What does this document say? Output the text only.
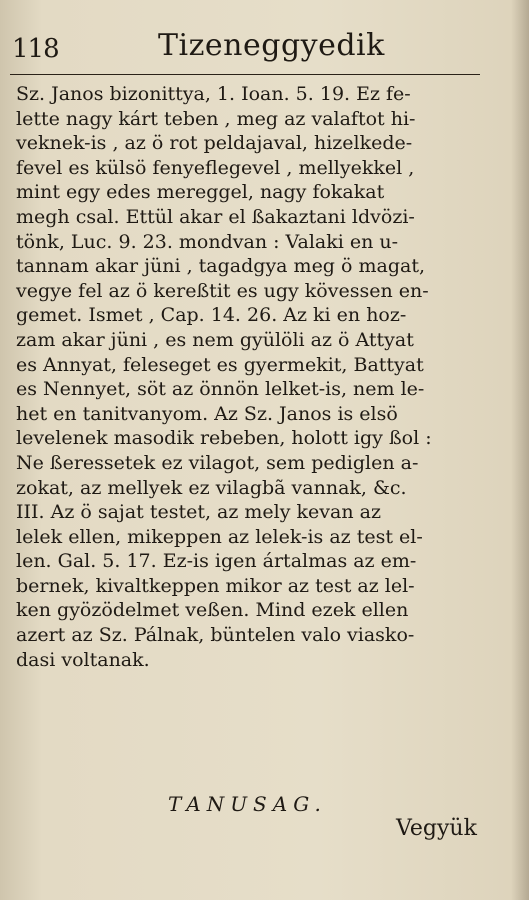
118	Tizeneggyedik
Sz. Janos bizonittya, 1. Ioan. 5. 19. Ez fe-
lette nagy kárt teben , meg az valaftot hi-
veknek-is , az ö rot peldajaval, hizelkede-
fevel es külsö fenyeflegevel , mellyekkel ,
mint egy edes mereggel, nagy fokakat
megh csal. Ettül akar el ßakaztani ldvözi-
tönk, Luc. 9. 23. mondvan : Valaki en u-
tannam akar jüni , tagadgya meg ö magat,
vegye fel az ö kereßtit es ugy kövessen en-
gemet. Ismet , Cap. 14. 26. Az ki en hoz-
zam akar jüni , es nem gyülöli az ö Attyat
es Annyat, feleseget es gyermekit, Battyat
es Nennyet, söt az önnön lelket-is, nem le-
het en tanitvanyom. Az Sz. Janos is elsö
levelenek masodik rebeben, holott igy ßol :
Ne ßeressetek ez vilagot, sem pediglen a-
zokat, az mellyek ez vilagbã vannak, &c.
III. Az ö sajat testet, az mely kevan az
lelek ellen, mikeppen az lelek-is az test el-
len. Gal. 5. 17. Ez-is igen ártalmas az em-
bernek, kivaltkeppen mikor az test az lel-
ken gyözödelmet veßen. Mind ezek ellen
azert az Sz. Pálnak, büntelen valo viasko-
dasi voltanak.
TANUSAG.
Vegyük
